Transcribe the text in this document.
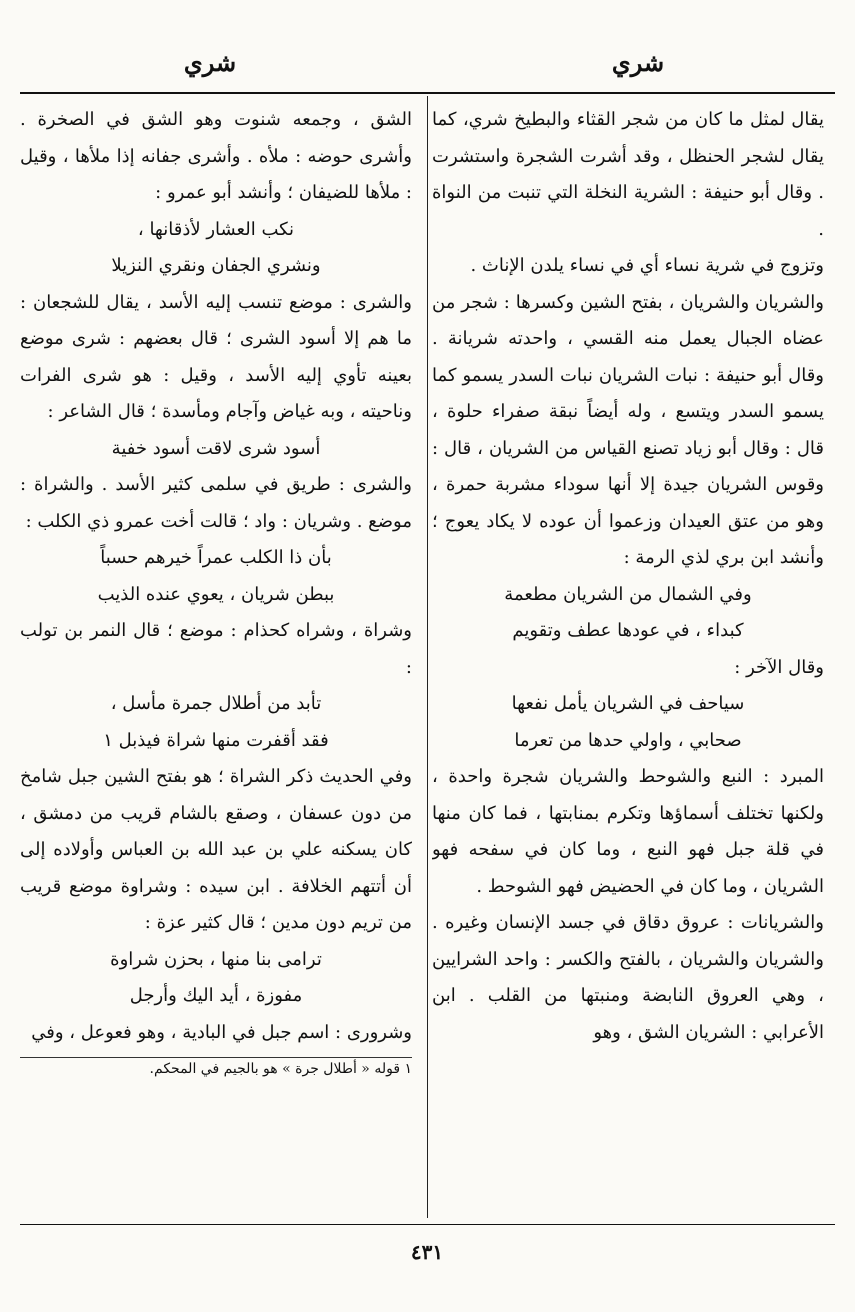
شري	شري

يقال لمثل ما كان من شجر القثاء والبطيخ شري، كما يقال لشجر الحنظل ، وقد أشرت الشجرة واستشرت . وقال أبو حنيفة : الشرية النخلة التي تنبت من النواة .

وتزوج في شرية نساء أي في نساء يلدن الإناث .

والشريان والشريان ، بفتح الشين وكسرها : شجر من عضاه الجبال يعمل منه القسي ، واحدته شريانة . وقال أبو حنيفة : نبات الشريان نبات السدر يسمو كما يسمو السدر ويتسع ، وله أيضاً نبقة صفراء حلوة ، قال : وقال أبو زياد تصنع القياس من الشريان ، قال : وقوس الشريان جيدة إلا أنها سوداء مشربة حمرة ، وهو من عتق العيدان وزعموا أن عوده لا يكاد يعوج ؛ وأنشد ابن بري لذي الرمة :

وفي الشمال من الشريان مطعمة

كبداء ، في عودها عطف وتقويم

وقال الآخر :

سياحف في الشريان يأمل نفعها

صحابي ، واولي حدها من تعرما

المبرد : النبع والشوحط والشريان شجرة واحدة ، ولكنها تختلف أسماؤها وتكرم بمنابتها ، فما كان منها في قلة جبل فهو النبع ، وما كان في سفحه فهو الشريان ، وما كان في الحضيض فهو الشوحط .

والشريانات : عروق دقاق في جسد الإنسان وغيره . والشريان والشريان ، بالفتح والكسر : واحد الشرايين ، وهي العروق النابضة ومنبتها من القلب . ابن الأعرابي : الشريان الشق ، وهو

الشق ، وجمعه شنوت وهو الشق في الصخرة . وأشرى حوضه : ملأه . وأشرى جفانه إذا ملأها ، وقيل : ملأها للضيفان ؛ وأنشد أبو عمرو :

نكب العشار لأذقانها ،

ونشري الجفان ونقري النزيلا

والشرى : موضع تنسب إليه الأسد ، يقال للشجعان : ما هم إلا أسود الشرى ؛ قال بعضهم : شرى موضع بعينه تأوي إليه الأسد ، وقيل : هو شرى الفرات وناحيته ، وبه غياض وآجام ومأسدة ؛ قال الشاعر :

أسود شرى لاقت أسود خفية

والشرى : طريق في سلمى كثير الأسد . والشراة : موضع . وشريان : واد ؛ قالت أخت عمرو ذي الكلب :

بأن ذا الكلب عمراً خيرهم حسباً

ببطن شريان ، يعوي عنده الذيب

وشراة ، وشراه كحذام : موضع ؛ قال النمر بن تولب :

تأبد من أطلال جمرة مأسل ،

فقد أقفرت منها شراة فيذبل ١

وفي الحديث ذكر الشراة ؛ هو بفتح الشين جبل شامخ من دون عسفان ، وصقع بالشام قريب من دمشق ، كان يسكنه علي بن عبد الله بن العباس وأولاده إلى أن أتتهم الخلافة . ابن سيده : وشراوة موضع قريب من تريم دون مدين ؛ قال كثير عزة :

ترامى بنا منها ، بحزن شراوة

مفوزة ، أيد اليك وأرجل

وشرورى : اسم جبل في البادية ، وهو فعوعل ، وفي

١ قوله « أطلال جرة » هو بالجيم في المحكم.

٤٣١
